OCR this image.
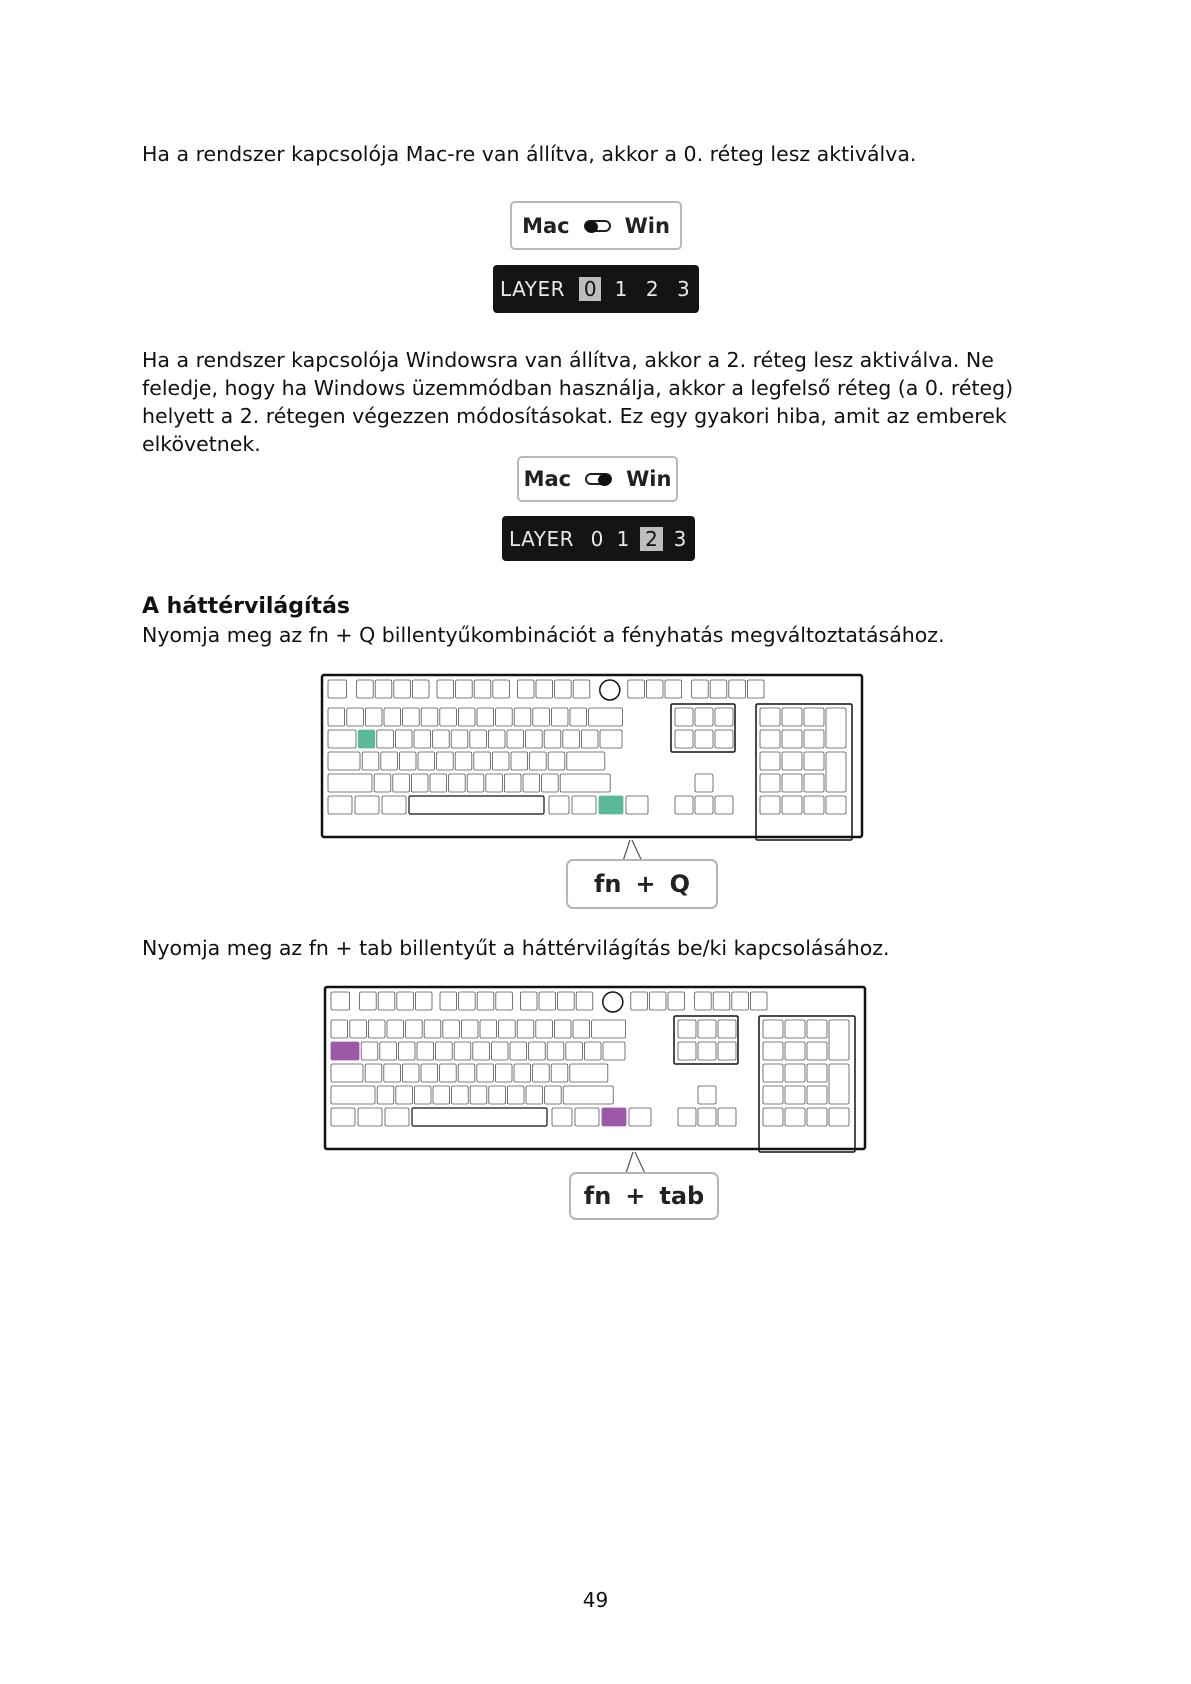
Ha a rendszer kapcsolója Mac-re van állítva, akkor a 0. réteg lesz aktiválva.

Mac	Win
LAYER 0 1 2 3

Ha a rendszer kapcsolója Windowsra van állítva, akkor a 2. réteg lesz aktiválva. Ne feledje, hogy ha Windows üzemmódban használja, akkor a legfelső réteg (a 0. réteg) helyett a 2. rétegen végezzen módosításokat. Ez egy gyakori hiba, amit az emberek elkövetnek.

Mac	Win
LAYER 0 1 2 3
A háttérvilágítás

Nyomja meg az fn + Q billentyűkombinációt a fényhatás megváltoztatásához.

fn + Q

Nyomja meg az fn + tab billentyűt a háttérvilágítás be/ki kapcsolásához.

fn + tab

49
